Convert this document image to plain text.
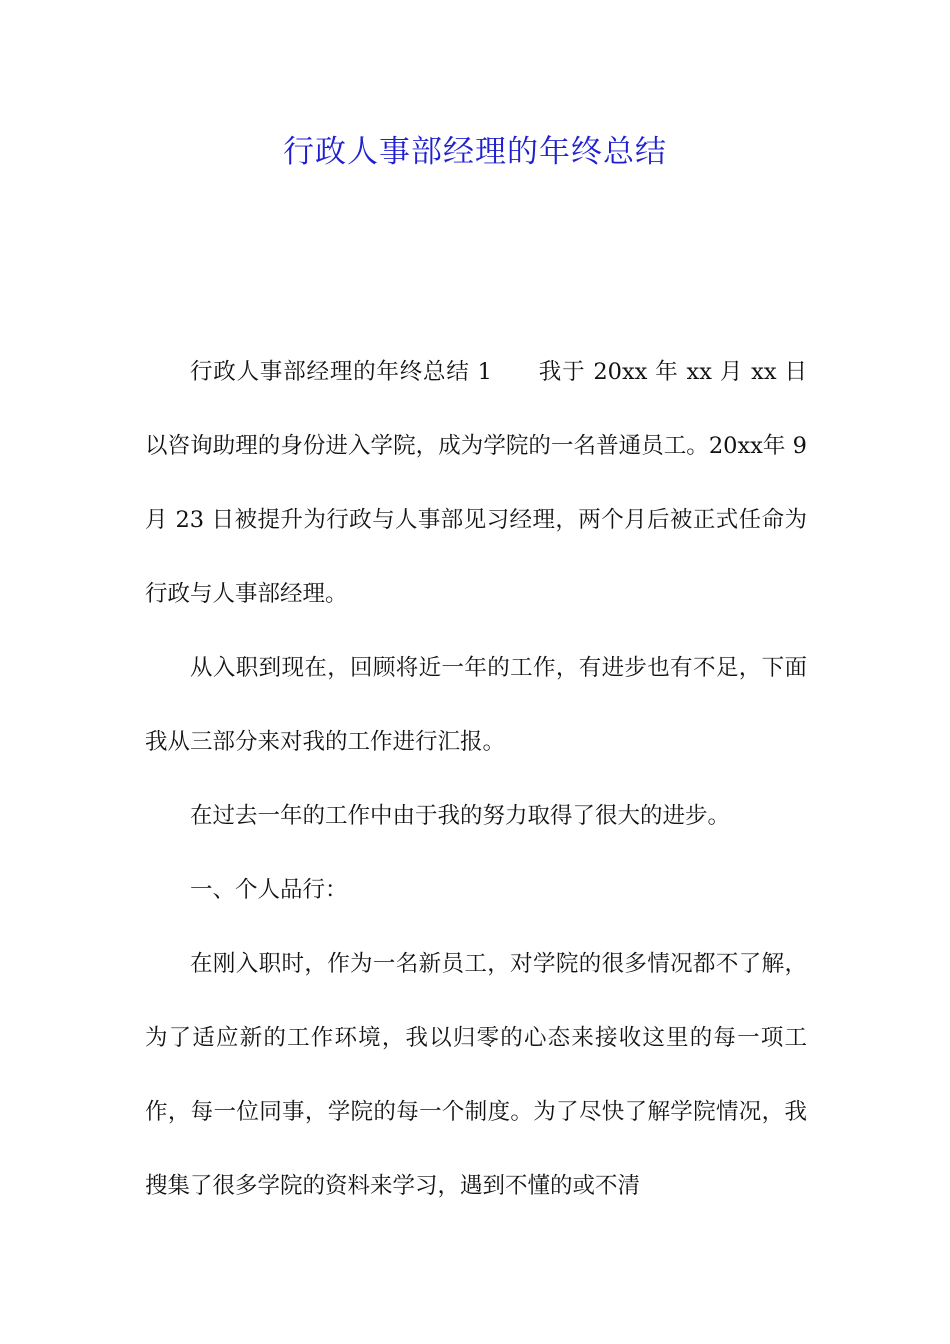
行政人事部经理的年终总结

行政人事部经理的年终总结 1 我于 20xx 年 xx 月 xx 日以咨询助理的身份进入学院，成为学院的一名普通员工。20xx年 9 月 23 日被提升为行政与人事部见习经理，两个月后被正式任命为行政与人事部经理。

从入职到现在，回顾将近一年的工作，有进步也有不足，下面我从三部分来对我的工作进行汇报。

在过去一年的工作中由于我的努力取得了很大的进步。

一、个人品行：

在刚入职时，作为一名新员工，对学院的很多情况都不了解，为了适应新的工作环境，我以归零的心态来接收这里的每一项工作，每一位同事，学院的每一个制度。为了尽快了解学院情况，我搜集了很多学院的资料来学习，遇到不懂的或不清
